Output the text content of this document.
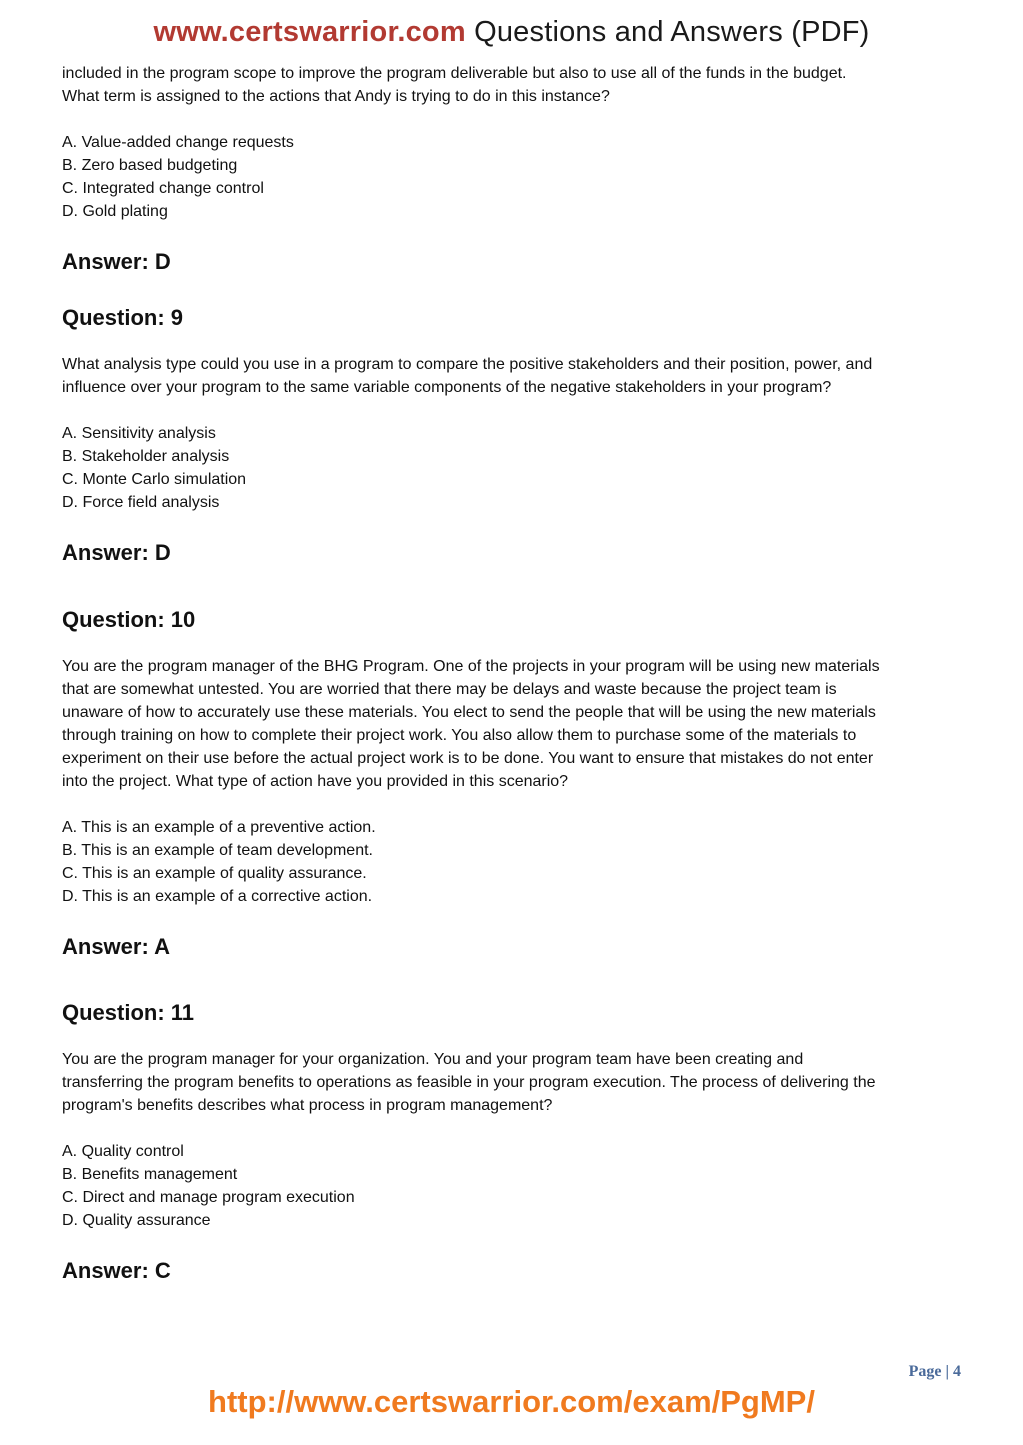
www.certswarrior.com Questions and Answers (PDF)

included in the program scope to improve the program deliverable but also to use all of the funds in the budget.
What term is assigned to the actions that Andy is trying to do in this instance?

A. Value-added change requests
B. Zero based budgeting
C. Integrated change control
D. Gold plating

Answer: D

Question: 9

What analysis type could you use in a program to compare the positive stakeholders and their position, power, and
influence over your program to the same variable components of the negative stakeholders in your program?

A. Sensitivity analysis
B. Stakeholder analysis
C. Monte Carlo simulation
D. Force field analysis

Answer: D

Question: 10

You are the program manager of the BHG Program. One of the projects in your program will be using new materials
that are somewhat untested. You are worried that there may be delays and waste because the project team is
unaware of how to accurately use these materials. You elect to send the people that will be using the new materials
through training on how to complete their project work. You also allow them to purchase some of the materials to
experiment on their use before the actual project work is to be done. You want to ensure that mistakes do not enter
into the project. What type of action have you provided in this scenario?

A. This is an example of a preventive action.
B. This is an example of team development.
C. This is an example of quality assurance.
D. This is an example of a corrective action.

Answer: A

Question: 11

You are the program manager for your organization. You and your program team have been creating and
transferring the program benefits to operations as feasible in your program execution. The process of delivering the
program's benefits describes what process in program management?

A. Quality control
B. Benefits management
C. Direct and manage program execution
D. Quality assurance

Answer: C

Page | 4
http://www.certswarrior.com/exam/PgMP/
